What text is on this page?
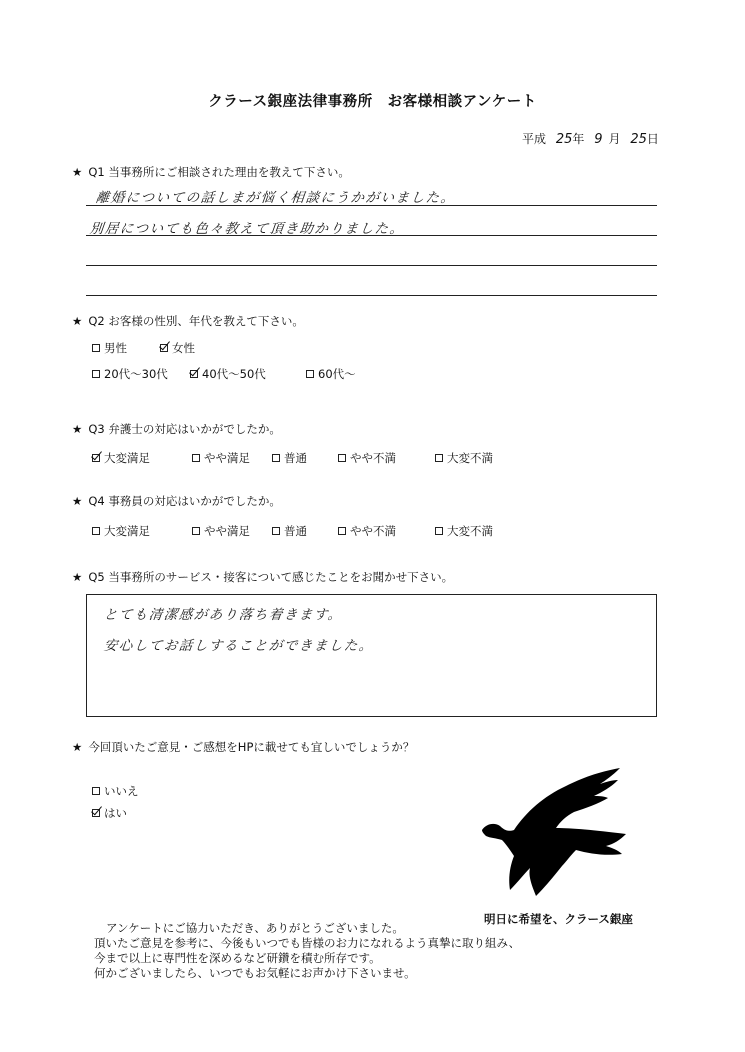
クラース銀座法律事務所　お客様相談アンケート
平成 25年 9 月 25日
★ Q1 当事務所にご相談された理由を教えて下さい。
離婚についての話しまが悩く相談にうかがいました。
別居についても色々教えて頂き助かりました。
★ Q2 お客様の性別、年代を教えて下さい。
男性	女性
20代～30代	40代～50代	60代～
★ Q3 弁護士の対応はいかがでしたか。
大変満足	やや満足	普通	やや不満	大変不満
★ Q4 事務員の対応はいかがでしたか。
大変満足	やや満足	普通	やや不満	大変不満
★ Q5 当事務所のサービス・接客について感じたことをお聞かせ下さい。
とても清潔感があり落ち着きます。
安心してお話しすることができました。
★ 今回頂いたご意見・ご感想をHPに載せても宜しいでしょうか？
いいえ
はい
明日に希望を、クラース銀座
アンケートにご協力いただき、ありがとうございました。
頂いたご意見を参考に、今後もいつでも皆様のお力になれるよう真摯に取り組み、
今まで以上に専門性を深めるなど研鑽を積む所存です。
何かございましたら、いつでもお気軽にお声かけ下さいませ。
